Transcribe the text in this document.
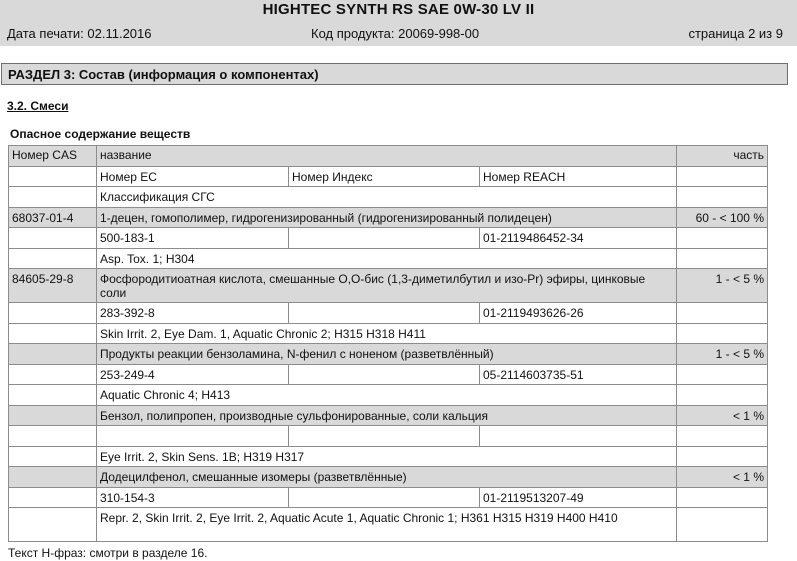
HIGHTEC SYNTH RS SAE 0W-30 LV II
Дата печати: 02.11.2016	Код продукта: 20069-998-00	страница 2 из 9
РАЗДЕЛ 3: Состав (информация о компонентах)
3.2. Смеси
Опасное содержание веществ
Номер CAS	название			часть
	Номер ЕС	Номер Индекс	Номер REACH	
	Классификация СГС			
68037-01-4	1-децен, гомополимер, гидрогенизированный (гидрогенизированный полидецен)			60 - < 100 %
	500-183-1		01-2119486452-34	
	Asp. Tox. 1; H304			
84605-29-8	Фосфородитиоатная кислота, смешанные О,О-бис (1,3-диметилбутил и изо-Pr) эфиры, цинковые соли			1 - < 5 %
	283-392-8		01-2119493626-26	
	Skin Irrit. 2, Eye Dam. 1, Aquatic Chronic 2; H315 H318 H411			
	Продукты реакции бензоламина, N-фенил с ноненом (разветвлённый)			1 - < 5 %
	253-249-4		05-2114603735-51	
	Aquatic Chronic 4; H413			
	Бензол, полипропен, производные сульфонированные, соли кальция			< 1 %

	Eye Irrit. 2, Skin Sens. 1B; H319 H317			
	Додецилфенол, смешанные изомеры (разветвлённые)			< 1 %
	310-154-3		01-2119513207-49	
	Repr. 2, Skin Irrit. 2, Eye Irrit. 2, Aquatic Acute 1, Aquatic Chronic 1; H361 H315 H319 H400 H410			
Текст Н-фраз: смотри в разделе 16.
